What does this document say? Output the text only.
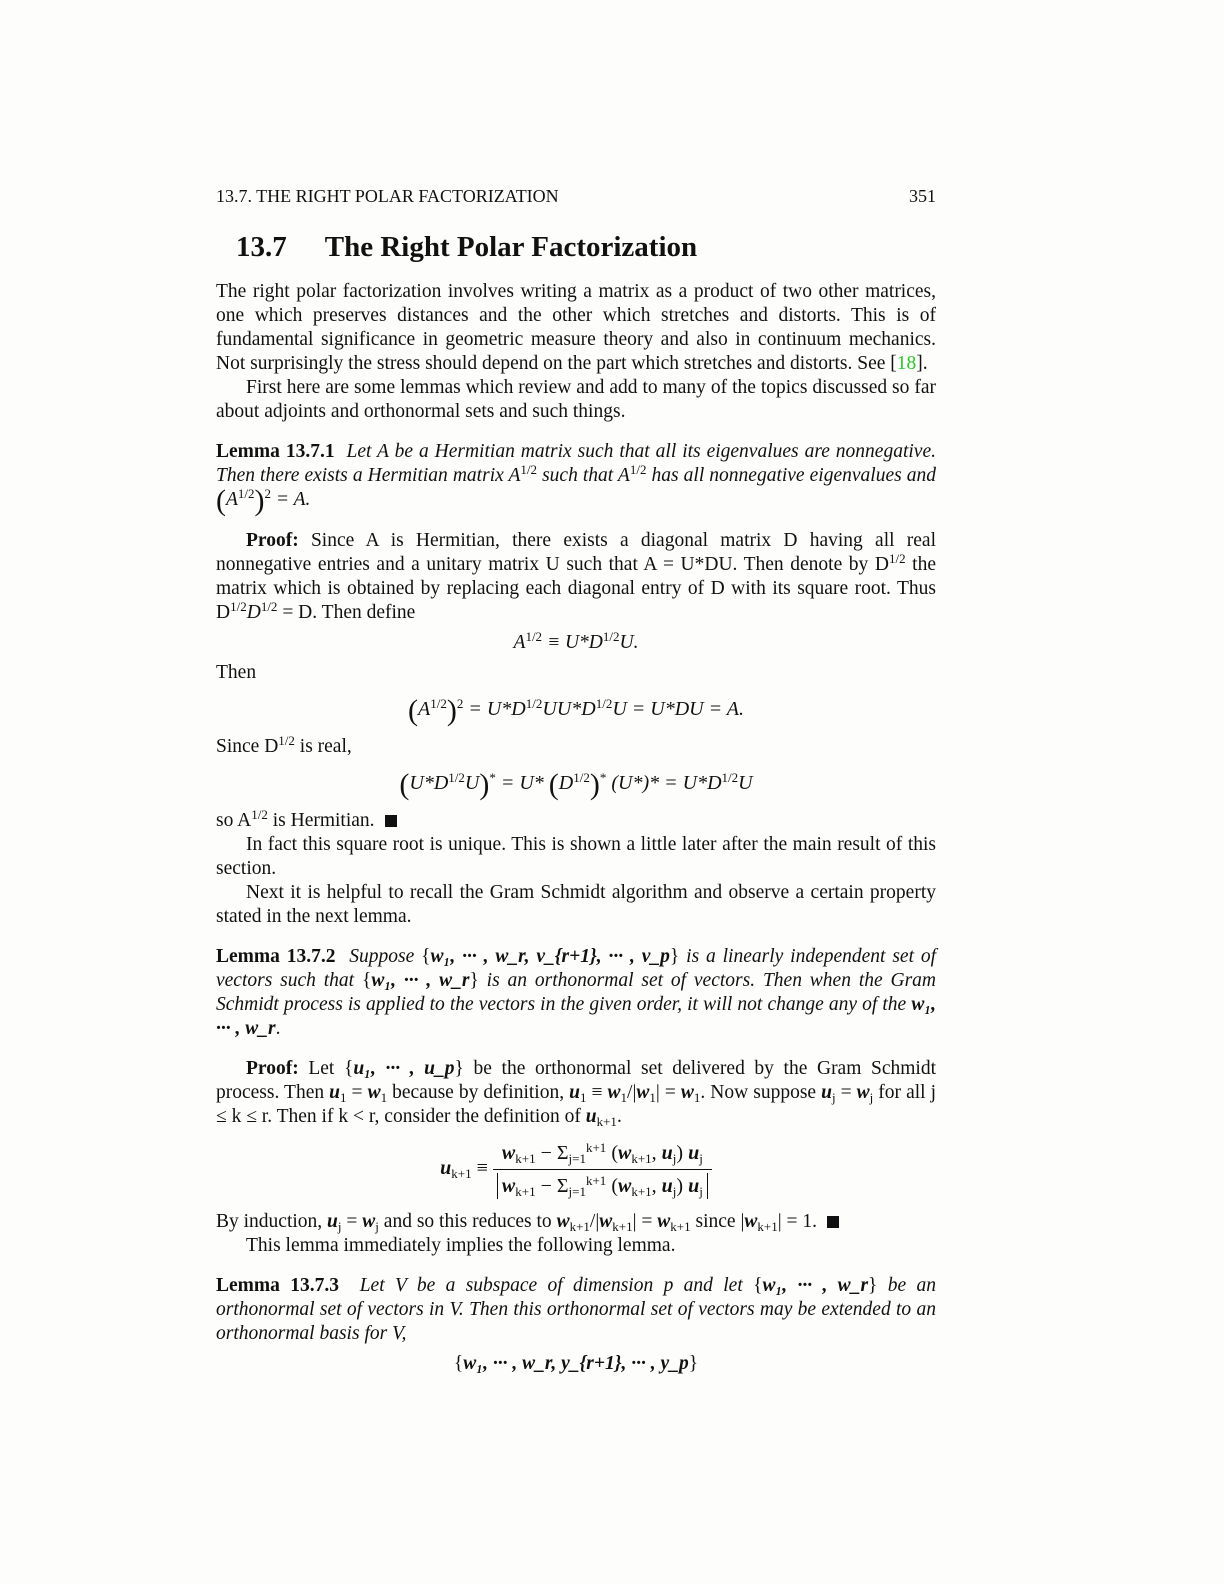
13.7. THE RIGHT POLAR FACTORIZATION	351
13.7 The Right Polar Factorization

The right polar factorization involves writing a matrix as a product of two other matrices, one which preserves distances and the other which stretches and distorts. This is of fundamental significance in geometric measure theory and also in continuum mechanics. Not surprisingly the stress should depend on the part which stretches and distorts. See [18].

First here are some lemmas which review and add to many of the topics discussed so far about adjoints and orthonormal sets and such things.

Lemma 13.7.1 Let A be a Hermitian matrix such that all its eigenvalues are nonnegative. Then there exists a Hermitian matrix $A^{1/2}$ such that $A^{1/2}$ has all nonnegative eigenvalues and $(A^{1/2})^2 = A$.

Proof: Since A is Hermitian, there exists a diagonal matrix D having all real nonnegative entries and a unitary matrix U such that A = U*DU. Then denote by $D^{1/2}$ the matrix which is obtained by replacing each diagonal entry of D with its square root. Thus $D^{1/2}D^{1/2} = D$. Then define

$A^{1/2} \equiv U*D^{1/2}U$.

Then

$(A^{1/2})^2 = U*D^{1/2}UU*D^{1/2}U = U*DU = A$.

Since $D^{1/2}$ is real,

$(U*D^{1/2}U)^* = U*$ $(D^{1/2})^*$ $(U*)* = U*D^{1/2}U$

so $A^{1/2}$ is Hermitian.

In fact this square root is unique. This is shown a little later after the main result of this section.

Next it is helpful to recall the Gram Schmidt algorithm and observe a certain property stated in the next lemma.

Lemma 13.7.2 Suppose {w₁, ··· , w_r, v_{r+1}, ··· , v_p} is a linearly independent set of vectors such that {w₁, ··· , w_r} is an orthonormal set of vectors. Then when the Gram Schmidt process is applied to the vectors in the given order, it will not change any of the w₁, ··· , w_r.

Proof: Let {u₁, ··· , u_p} be the orthonormal set delivered by the Gram Schmidt process. Then $u_1 = w_1$ because by definition, $u_1 \equiv w_1/|w_1| = w_1$. Now suppose $u_j = w_j$ for all j ≤ k ≤ r. Then if k < r, consider the definition of $u_{k+1}$.

$u_{k+1} \equiv \frac{w_{k+1} - \Sigma_{j=1}^{k+1} (w_{k+1}, u_j) u_j}{w_{k+1} - \Sigma_{j=1}^{k+1} (w_{k+1}, u_j) u_j}$

By induction, $u_j = w_j$ and so this reduces to $w_{k+1}/|w_{k+1}| = w_{k+1}$ since $|w_{k+1}| = 1$.

This lemma immediately implies the following lemma.

Lemma 13.7.3 Let V be a subspace of dimension p and let {w₁, ··· , w_r} be an orthonormal set of vectors in V. Then this orthonormal set of vectors may be extended to an orthonormal basis for V,

{w₁, ··· , w_r, y_{r+1}, ··· , y_p}
